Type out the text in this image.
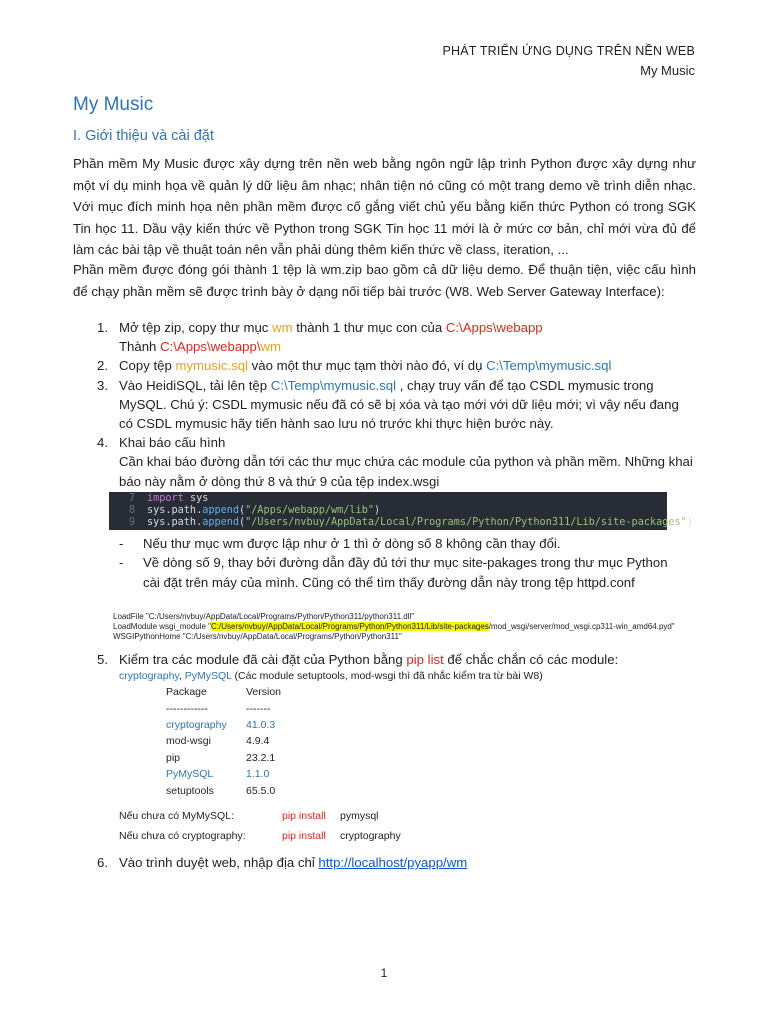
PHÁT TRIỂN ỨNG DỤNG TRÊN NỀN WEB
My Music
My Music
I. Giới thiệu và cài đặt

Phần mềm My Music được xây dựng trên nền web bằng ngôn ngữ lập trình Python được xây dựng như một ví dụ minh họa về quản lý dữ liệu âm nhạc; nhân tiện nó cũng có một trang demo về trình diễn nhạc. Với mục đích minh họa nên phần mềm được cố gắng viết chủ yếu bằng kiến thức Python có trong SGK Tin học 11. Dầu vậy kiến thức về Python trong SGK Tin học 11 mới là ở mức cơ bản, chỉ mới vừa đủ để làm các bài tập về thuật toán nên vẫn phải dùng thêm kiến thức về class, iteration, ...

Phần mềm được đóng gói thành 1 tệp là wm.zip bao gồm cả dữ liệu demo. Để thuận tiện, việc cấu hình để chạy phần mềm sẽ được trình bày ở dạng nối tiếp bài trước (W8. Web Server Gateway Interface):

1. Mở tệp zip, copy thư mục wm thành 1 thư mục con của C:\Apps\webapp
Thành C:\Apps\webapp\wm
2. Copy tệp mymusic.sql vào một thư mục tạm thời nào đó, ví dụ C:\Temp\mymusic.sql
3. Vào HeidiSQL, tải lên tệp C:\Temp\mymusic.sql , chạy truy vấn để tạo CSDL mymusic trong MySQL. Chú ý: CSDL mymusic nếu đã có sẽ bị xóa và tạo mới với dữ liệu mới; vì vậy nếu đang có CSDL mymusic hãy tiến hành sao lưu nó trước khi thực hiện bước này.
4. Khai báo cấu hình
Cần khai báo đường dẫn tới các thư mục chứa các module của python và phần mềm. Những khai báo này nằm ở dòng thứ 8 và thứ 9 của tệp index.wsgi
7 import sys
8 sys.path.append("/Apps/webapp/wm/lib")
9 sys.path.append("/Users/nvbuy/AppData/Local/Programs/Python/Python311/Lib/site-packages")
- Nếu thư mục wm được lập như ở 1 thì ở dòng số 8 không cần thay đổi.
- Về dòng số 9, thay bởi đường dẫn đầy đủ tới thư mục site-pakages trong thư mục Python cài đặt trên máy của mình. Cũng có thể tìm thấy đường dẫn này trong tệp httpd.conf
LoadFile "C:/Users/nvbuy/AppData/Local/Programs/Python/Python311/python311.dll"
LoadModule wsgi_module "C:/Users/nvbuy/AppData/Local/Programs/Python/Python311/Lib/site-packages/mod_wsgi/server/mod_wsgi.cp311-win_amd64.pyd"
WSGIPythonHome "C:/Users/nvbuy/AppData/Local/Programs/Python/Python311"
5. Kiểm tra các module đã cài đặt của Python bằng pip list để chắc chắn có các module:
cryptography, PyMySQL (Các module setuptools, mod-wsgi thì đã nhắc kiểm tra từ bài W8)
Package	Version
------------	-------
cryptography	41.0.3
mod-wsgi	4.9.4
pip	23.2.1
PyMySQL	1.1.0
setuptools	65.5.0
Nếu chưa có MyMySQL:	pip install pymysql
Nếu chưa có cryptography:	pip install cryptography
6. Vào trình duyệt web, nhập địa chỉ http://localhost/pyapp/wm
1
